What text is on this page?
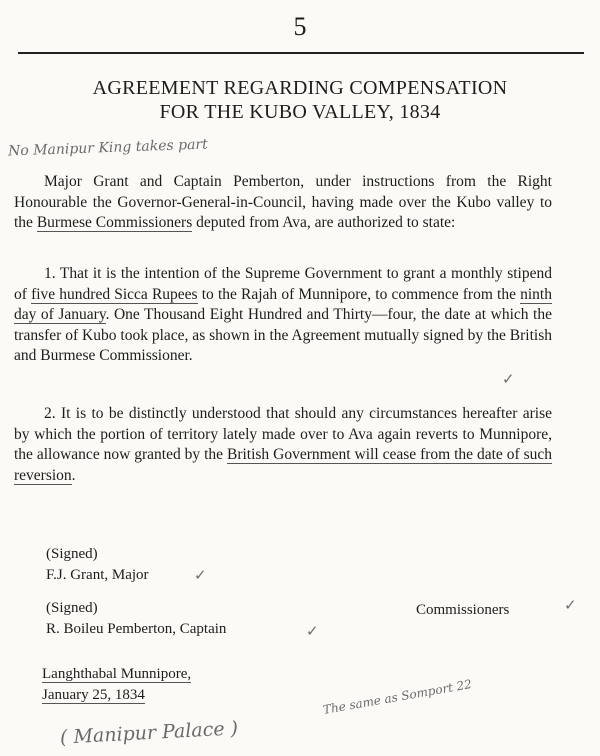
5
AGREEMENT REGARDING COMPENSATION
FOR THE KUBO VALLEY, 1834
No Manipur King takes part
Major Grant and Captain Pemberton, under instructions from the Right Honourable the Governor-General-in-Council, having made over the Kubo valley to the Burmese Commissioners deputed from Ava, are authorized to state:
1. That it is the intention of the Supreme Government to grant a monthly stipend of five hundred Sicca Rupees to the Rajah of Munnipore, to commence from the ninth day of January. One Thousand Eight Hundred and Thirty—four, the date at which the transfer of Kubo took place, as shown in the Agreement mutually signed by the British and Burmese Commissioner.
2. It is to be distinctly understood that should any circumstances hereafter arise by which the portion of territory lately made over to Ava again reverts to Munnipore, the allowance now granted by the British Government will cease from the date of such reversion.
✓
(Signed)
F.J. Grant, Major	✓
(Signed)
R. Boileu Pemberton, Captain	✓
Commissioners	✓
Langhthabal Munnipore,
January 25, 1834	The same as Somport 22
( Manipur Palace )
